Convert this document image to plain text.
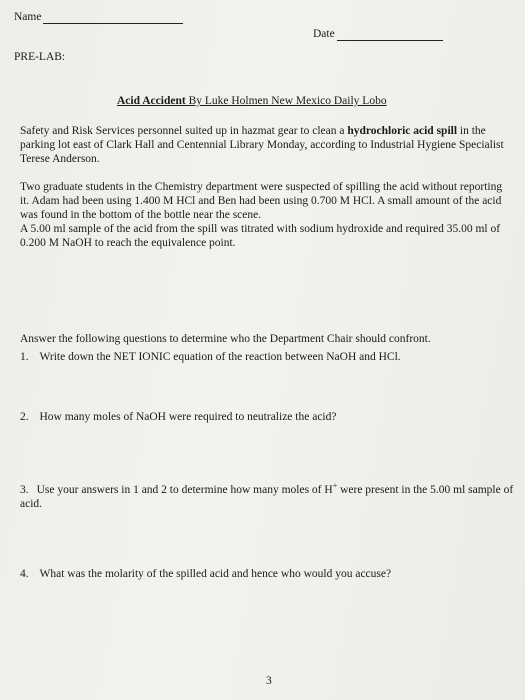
Name
Date
PRE-LAB:
Acid Accident By Luke Holmen New Mexico Daily Lobo

Safety and Risk Services personnel suited up in hazmat gear to clean a hydrochloric acid spill in the parking lot east of Clark Hall and Centennial Library Monday, according to Industrial Hygiene Specialist Terese Anderson.

Two graduate students in the Chemistry department were suspected of spilling the acid without reporting it. Adam had been using 1.400 M HCl and Ben had been using 0.700 M HCl. A small amount of the acid was found in the bottom of the bottle near the scene.

A 5.00 ml sample of the acid from the spill was titrated with sodium hydroxide and required 35.00 ml of 0.200 M NaOH to reach the equivalence point.

Answer the following questions to determine who the Department Chair should confront.

1. Write down the NET IONIC equation of the reaction between NaOH and HCl.
2. How many moles of NaOH were required to neutralize the acid?

3. Use your answers in 1 and 2 to determine how many moles of H+ were present in the 5.00 ml sample of acid.

4. What was the molarity of the spilled acid and hence who would you accuse?
3
